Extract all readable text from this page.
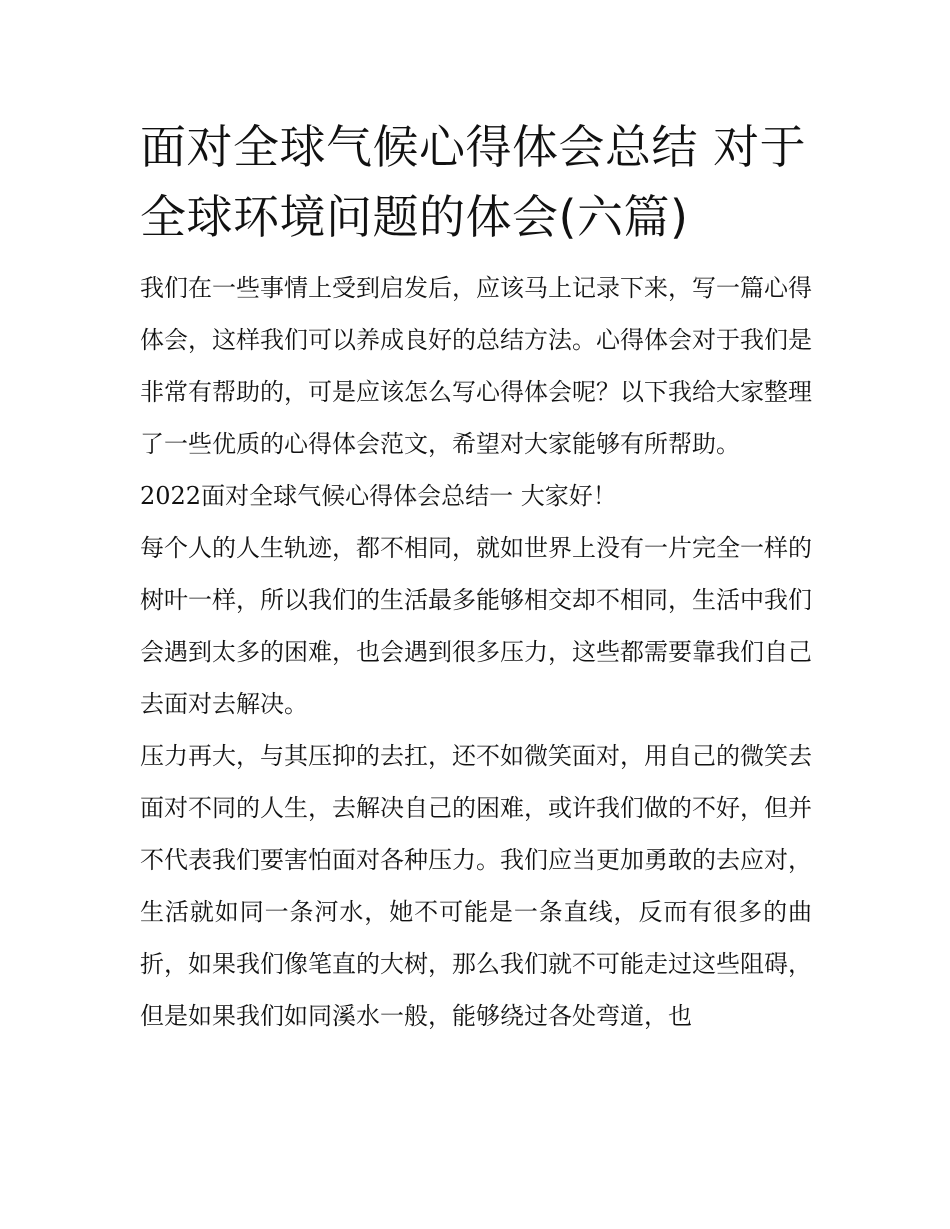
面对全球气候心得体会总结 对于全球环境问题的体会(六篇)

我们在一些事情上受到启发后，应该马上记录下来，写一篇心得体会，这样我们可以养成良好的总结方法。心得体会对于我们是非常有帮助的，可是应该怎么写心得体会呢？以下我给大家整理了一些优质的心得体会范文，希望对大家能够有所帮助。

2022面对全球气候心得体会总结一 大家好！

每个人的人生轨迹，都不相同，就如世界上没有一片完全一样的树叶一样，所以我们的生活最多能够相交却不相同，生活中我们会遇到太多的困难，也会遇到很多压力，这些都需要靠我们自己去面对去解决。

压力再大，与其压抑的去扛，还不如微笑面对，用自己的微笑去面对不同的人生，去解决自己的困难，或许我们做的不好，但并不代表我们要害怕面对各种压力。我们应当更加勇敢的去应对，生活就如同一条河水，她不可能是一条直线，反而有很多的曲折，如果我们像笔直的大树，那么我们就不可能走过这些阻碍，但是如果我们如同溪水一般，能够绕过各处弯道，也
